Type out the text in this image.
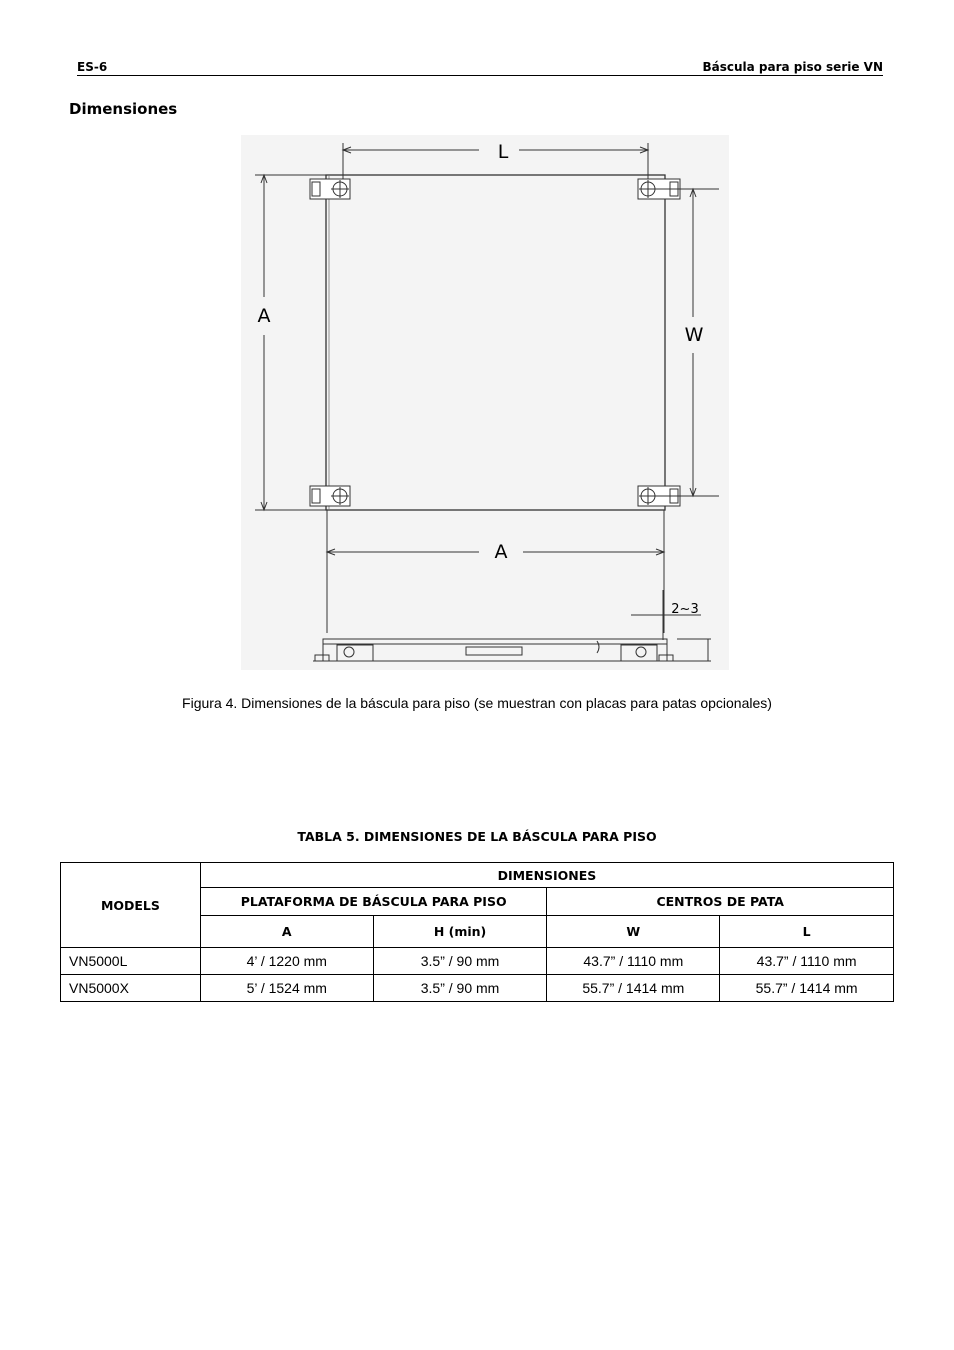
ES-6	Báscula para piso serie VN
Dimensiones
L
A
W
A
2~3
Figura 4. Dimensiones de la báscula para piso (se muestran con placas para patas opcionales)
TABLA 5. DIMENSIONES DE LA BÁSCULA PARA PISO
MODELS	DIMENSIONES			
	PLATAFORMA DE BÁSCULA PARA PISO		CENTROS DE PATA	
	A	H (min)	W	L
VN5000L	4’ / 1220 mm	3.5” / 90 mm	43.7” / 1110 mm	43.7” / 1110 mm
VN5000X	5’ / 1524 mm	3.5” / 90 mm	55.7” / 1414 mm	55.7” / 1414 mm
